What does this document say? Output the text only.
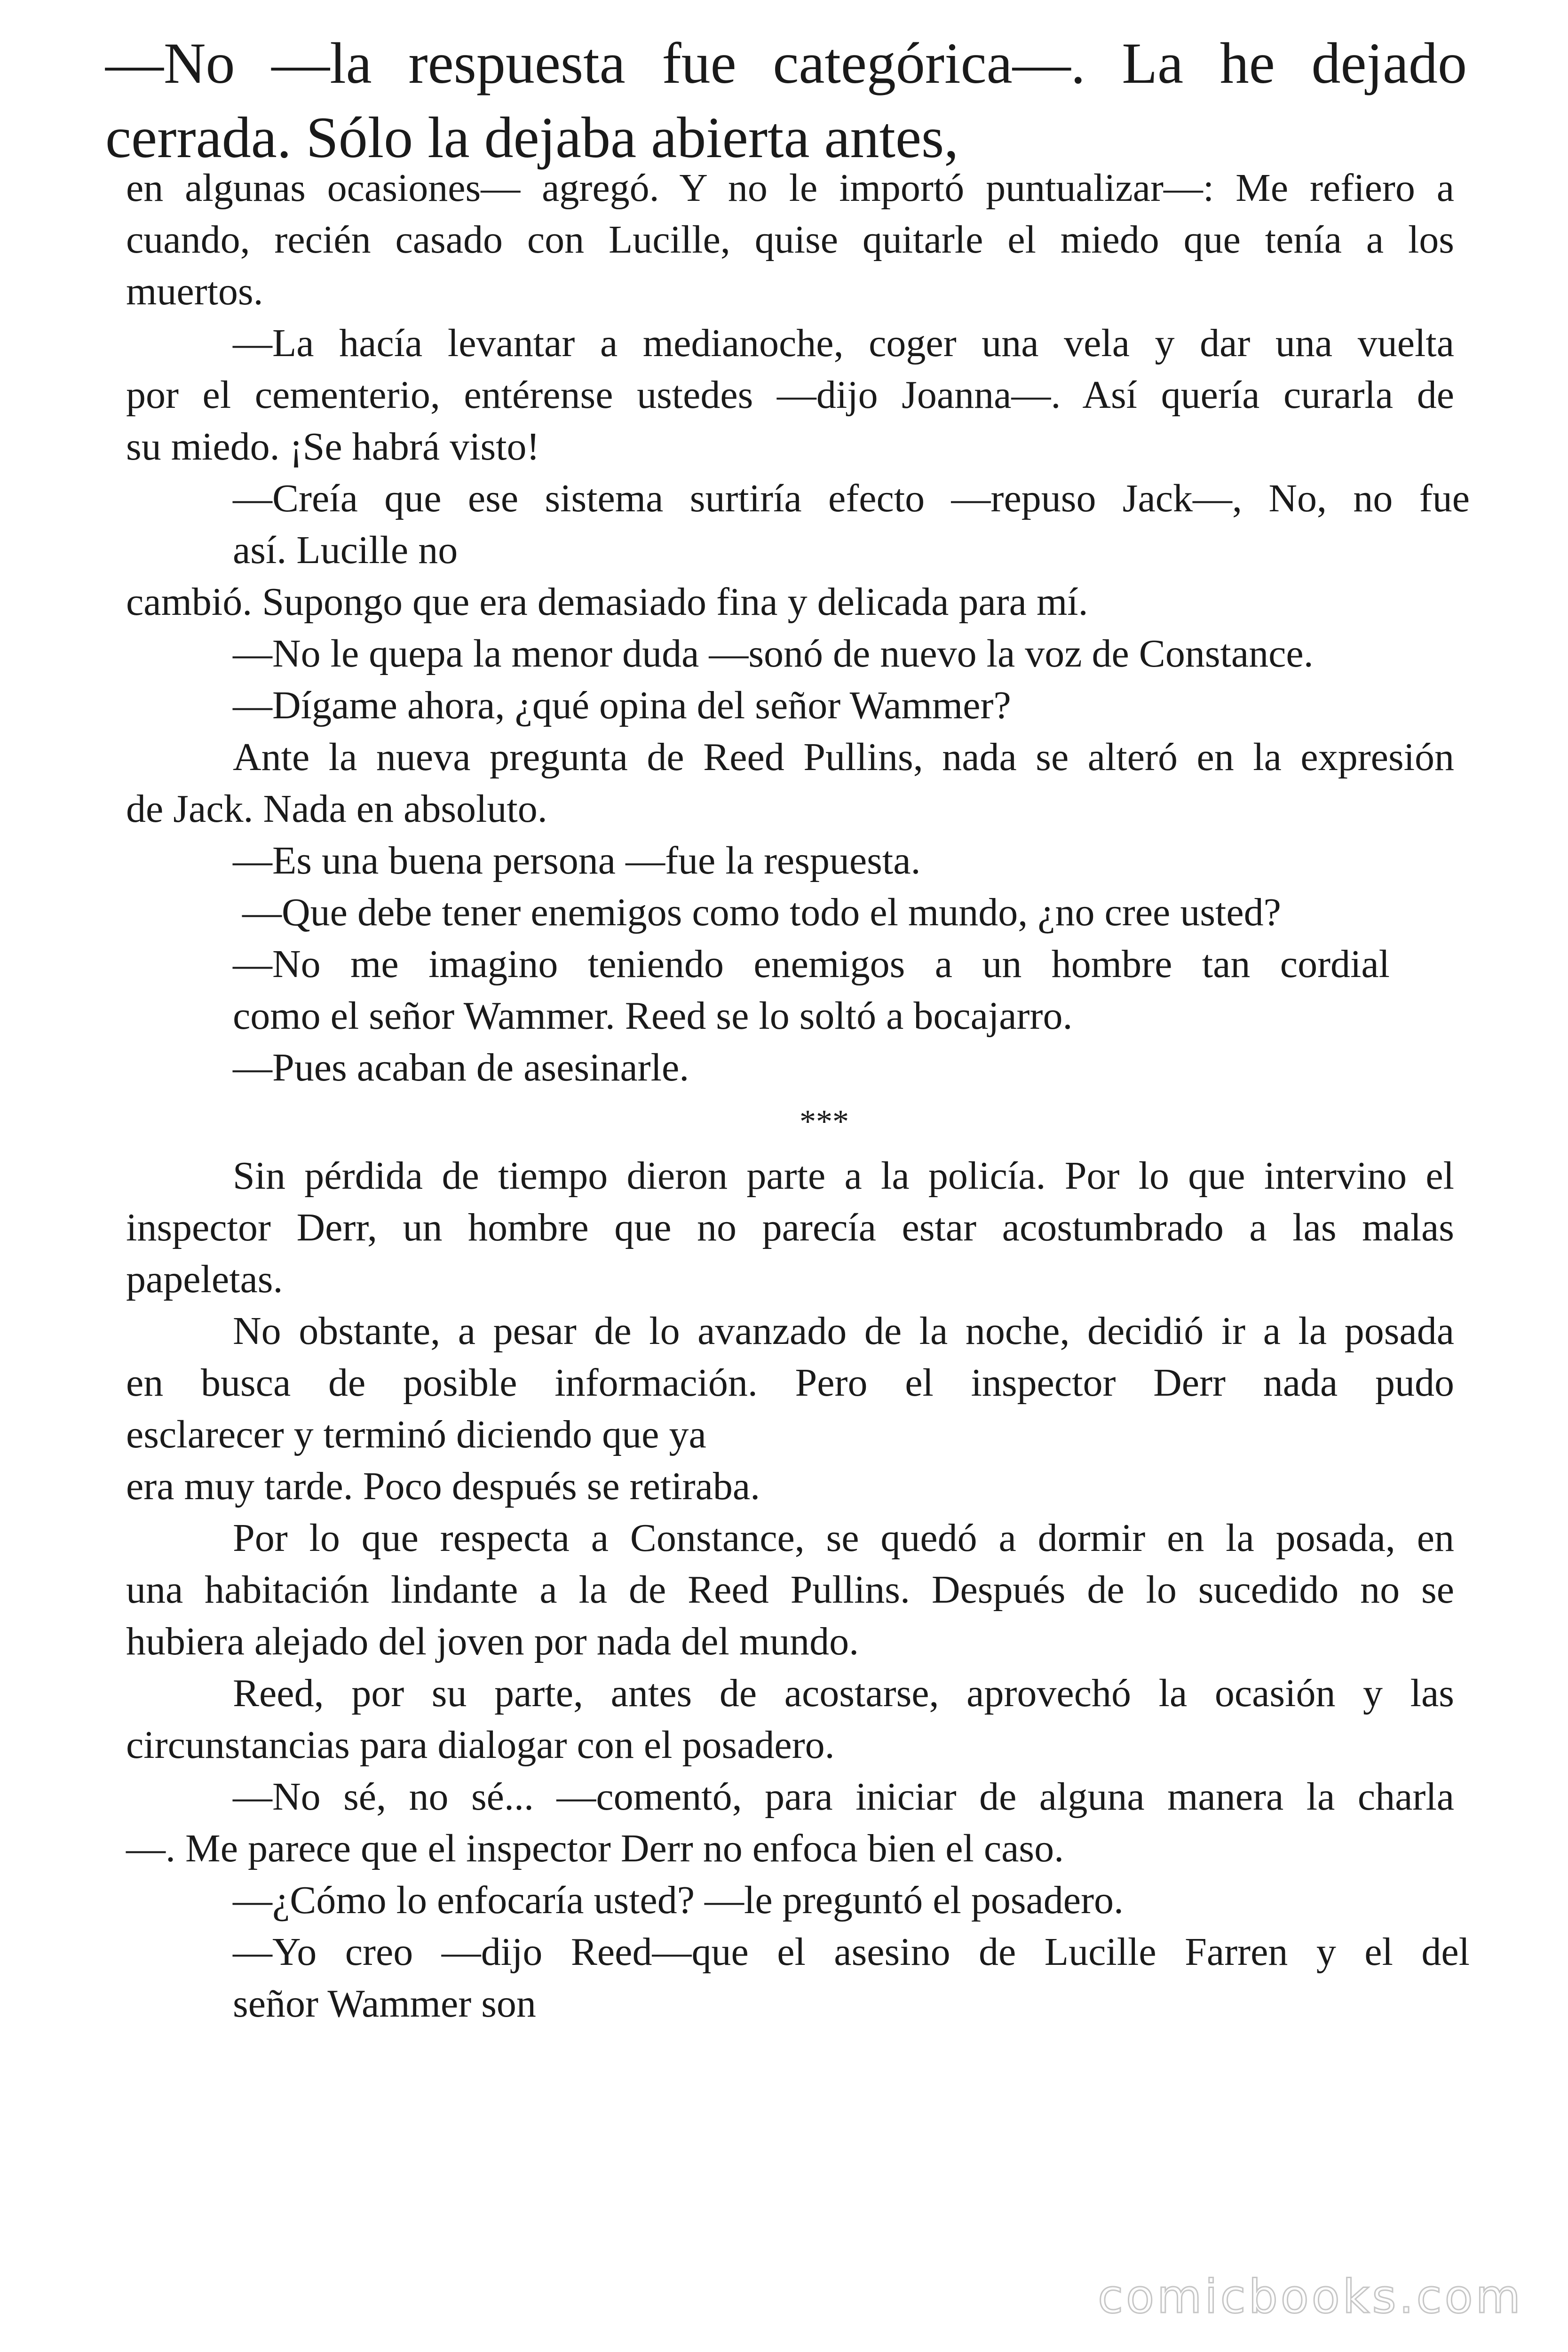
—No —la respuesta fue categórica—. La he dejado

cerrada. Sólo la dejaba abierta antes,

en algunas ocasiones— agregó. Y no le importó puntualizar—: Me refiero a

cuando, recién casado con Lucille, quise quitarle el miedo que tenía a los

muertos.

—La hacía levantar a medianoche, coger una vela y dar una vuelta

por el cementerio, entérense ustedes —dijo Joanna—. Así quería curarla de

su miedo. ¡Se habrá visto!

—Creía que ese sistema surtiría efecto —repuso Jack—, No, no fue

así. Lucille no

cambió. Supongo que era demasiado fina y delicada para mí.

—No le quepa la menor duda —sonó de nuevo la voz de Constance.

—Dígame ahora, ¿qué opina del señor Wammer?

Ante la nueva pregunta de Reed Pullins, nada se alteró en la expresión

de Jack. Nada en absoluto.

—Es una buena persona —fue la respuesta.

—Que debe tener enemigos como todo el mundo, ¿no cree usted?

—No me imagino teniendo enemigos a un hombre tan cordial

como el señor Wammer. Reed se lo soltó a bocajarro.

—Pues acaban de asesinarle.

***

Sin pérdida de tiempo dieron parte a la policía. Por lo que intervino el

inspector Derr, un hombre que no parecía estar acostumbrado a las malas

papeletas.

No obstante, a pesar de lo avanzado de la noche, decidió ir a la posada

en busca de posible información. Pero el inspector Derr nada pudo

esclarecer y terminó diciendo que ya

era muy tarde. Poco después se retiraba.

Por lo que respecta a Constance, se quedó a dormir en la posada, en

una habitación lindante a la de Reed Pullins. Después de lo sucedido no se

hubiera alejado del joven por nada del mundo.

Reed, por su parte, antes de acostarse, aprovechó la ocasión y las

circunstancias para dialogar con el posadero.

—No sé, no sé... —comentó, para iniciar de alguna manera la charla

—. Me parece que el inspector Derr no enfoca bien el caso.

—¿Cómo lo enfocaría usted? —le preguntó el posadero.

—Yo creo —dijo Reed—que el asesino de Lucille Farren y el del

señor Wammer son

comicbooks.com
